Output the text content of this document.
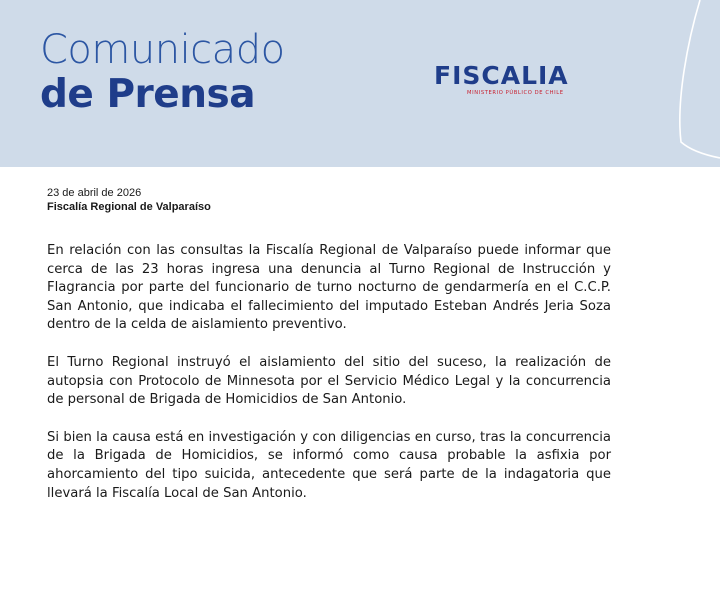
Comunicado
de Prensa	FISCALIA
MINISTERIO PÚBLICO DE CHILE
23 de abril de 2026
Fiscalía Regional de Valparaíso

En relación con las consultas la Fiscalía Regional de Valparaíso puede informar que cerca de las 23 horas ingresa una denuncia al Turno Regional de Instrucción y Flagrancia por parte del funcionario de turno nocturno de gendarmería en el C.C.P. San Antonio, que indicaba el fallecimiento del imputado Esteban Andrés Jeria Soza dentro de la celda de aislamiento preventivo.

El Turno Regional instruyó el aislamiento del sitio del suceso, la realización de autopsia con Protocolo de Minnesota por el Servicio Médico Legal y la concurrencia de personal de Brigada de Homicidios de San Antonio.

Si bien la causa está en investigación y con diligencias en curso, tras la concurrencia de la Brigada de Homicidios, se informó como causa probable la asfixia por ahorcamiento del tipo suicida, antecedente que será parte de la indagatoria que llevará la Fiscalía Local de San Antonio.
